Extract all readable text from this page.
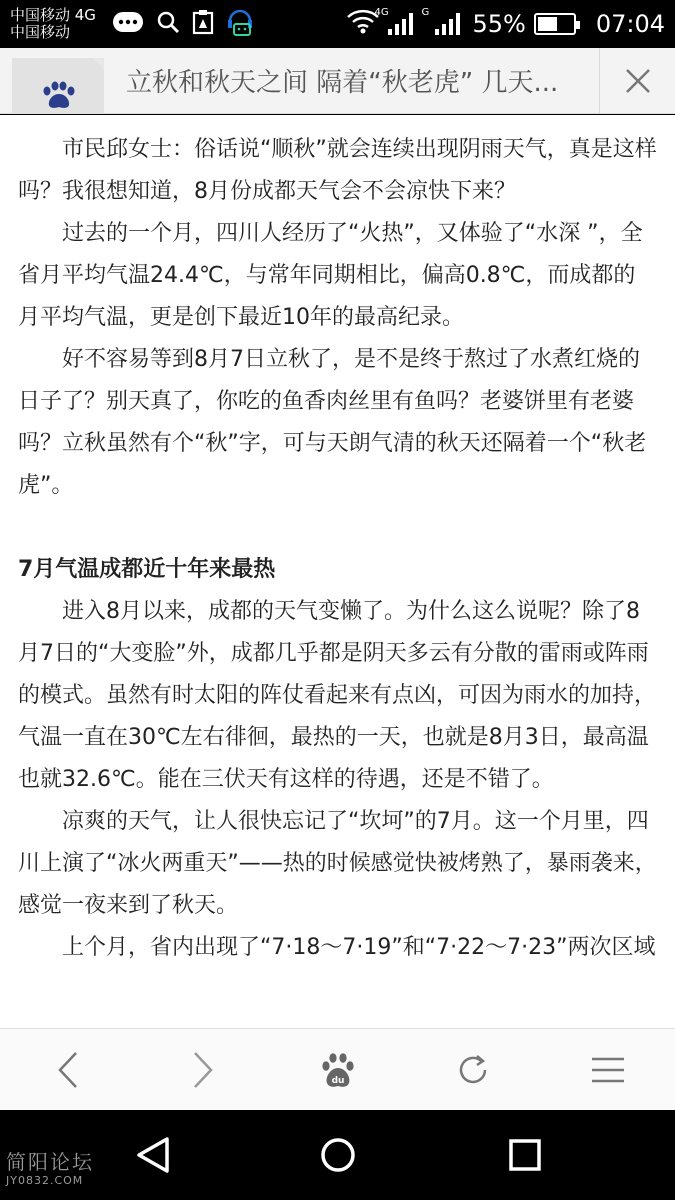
中国移动 4G
中国移动
4G	G 55%	07:04
立秋和秋天之间 隔着“秋老虎” 几天...

市民邱女士：俗话说“顺秋”就会连续出现阴雨天气，真是这样吗？我很想知道，8月份成都天气会不会凉快下来？

过去的一个月，四川人经历了“火热”，又体验了“水深 ”，全省月平均气温24.4℃，与常年同期相比，偏高0.8℃，而成都的月平均气温，更是创下最近10年的最高纪录。

好不容易等到8月7日立秋了，是不是终于熬过了水煮红烧的日子了？别天真了，你吃的鱼香肉丝里有鱼吗？老婆饼里有老婆吗？立秋虽然有个“秋”字，可与天朗气清的秋天还隔着一个“秋老虎”。

7月气温成都近十年来最热

进入8月以来，成都的天气变懒了。为什么这么说呢？除了8月7日的“大变脸”外，成都几乎都是阴天多云有分散的雷雨或阵雨的模式。虽然有时太阳的阵仗看起来有点凶，可因为雨水的加持，气温一直在30℃左右徘徊，最热的一天，也就是8月3日，最高温也就32.6℃。能在三伏天有这样的待遇，还是不错了。

凉爽的天气，让人很快忘记了“坎坷”的7月。这一个月里，四川上演了“冰火两重天”——热的时候感觉快被烤熟了，暴雨袭来，感觉一夜来到了秋天。

上个月，省内出现了“7·18～7·19”和“7·22～7·23”两次区域

du
简阳论坛
JY0832.COM
